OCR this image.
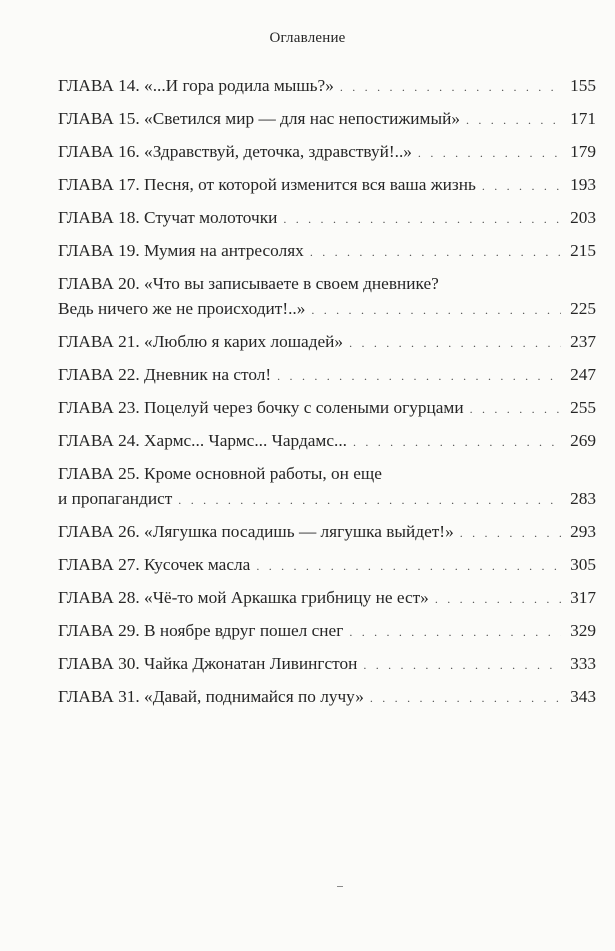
Оглавление
ГЛАВА 14. «...И гора родила мышь?» . . .	155
ГЛАВА 15. «Светился мир — для нас непостижимый» . . .	171
ГЛАВА 16. «Здравствуй, деточка, здравствуй!..» . . .	179
ГЛАВА 17. Песня, от которой изменится вся ваша жизнь . . .	193
ГЛАВА 18. Стучат молоточки . . .	203
ГЛАВА 19. Мумия на антресолях . . .	215
ГЛАВА 20. «Что вы записываете в своем дневнике?
Ведь ничего же не происходит!..» . . .	225
ГЛАВА 21. «Люблю я карих лошадей» . . .	237
ГЛАВА 22. Дневник на стол! . . .	247
ГЛАВА 23. Поцелуй через бочку с солеными огурцами . . .	255
ГЛАВА 24. Хармс... Чармс... Чардамс... . . .	269
ГЛАВА 25. Кроме основной работы, он еще
и пропагандист . . .	283
ГЛАВА 26. «Лягушка посадишь — лягушка выйдет!» . . .	293
ГЛАВА 27. Кусочек масла . . .	305
ГЛАВА 28. «Чё-то мой Аркашка грибницу не ест» . . .	317
ГЛАВА 29. В ноябре вдруг пошел снег . . .	329
ГЛАВА 30. Чайка Джонатан Ливингстон . . .	333
ГЛАВА 31. «Давай, поднимайся по лучу» . . .	343
